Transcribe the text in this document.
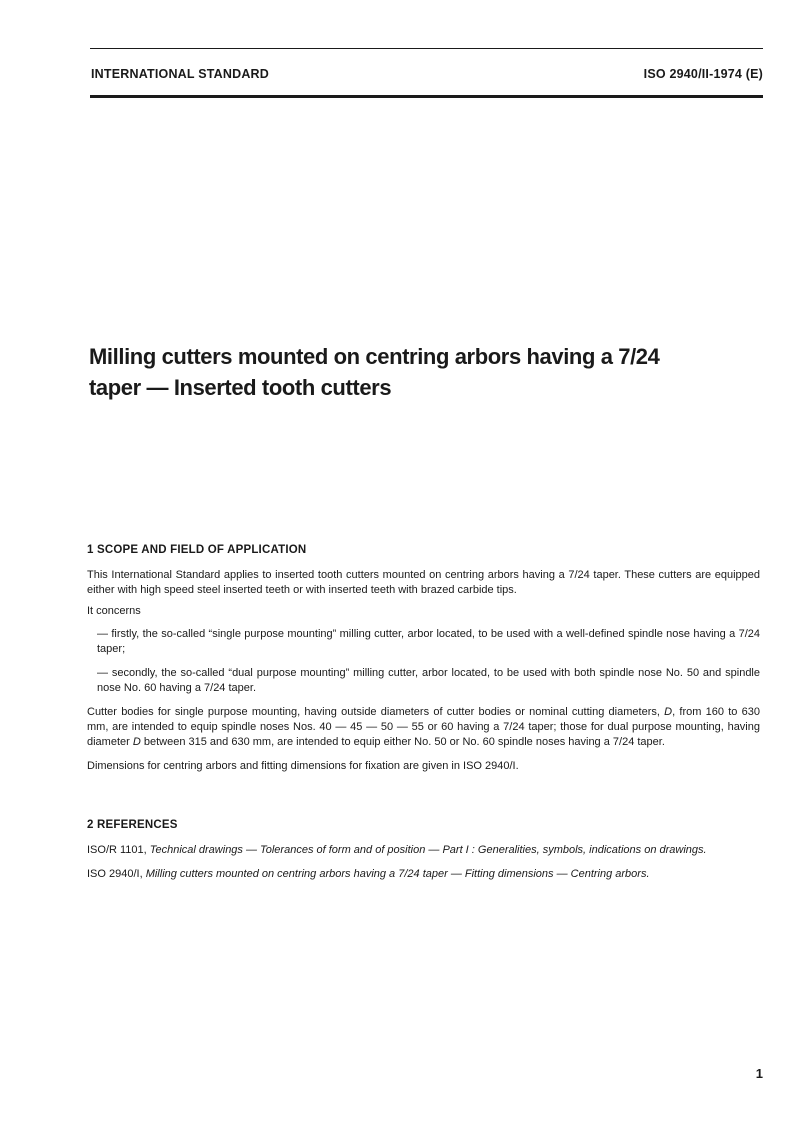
INTERNATIONAL STANDARD	ISO 2940/II-1974 (E)
Milling cutters mounted on centring arbors having a 7/24
taper — Inserted tooth cutters

1 SCOPE AND FIELD OF APPLICATION

This International Standard applies to inserted tooth cutters mounted on centring arbors having a 7/24 taper. These cutters are equipped either with high speed steel inserted teeth or with inserted teeth with brazed carbide tips.

It concerns

— firstly, the so-called “single purpose mounting” milling cutter, arbor located, to be used with a well-defined spindle nose having a 7/24 taper;

— secondly, the so-called “dual purpose mounting” milling cutter, arbor located, to be used with both spindle nose No. 50 and spindle nose No. 60 having a 7/24 taper.

Cutter bodies for single purpose mounting, having outside diameters of cutter bodies or nominal cutting diameters, D, from 160 to 630 mm, are intended to equip spindle noses Nos. 40 — 45 — 50 — 55 or 60 having a 7/24 taper; those for dual purpose mounting, having diameter D between 315 and 630 mm, are intended to equip either No. 50 or No. 60 spindle noses having a 7/24 taper.

Dimensions for centring arbors and fitting dimensions for fixation are given in ISO 2940/I.

2 REFERENCES

ISO/R 1101, Technical drawings — Tolerances of form and of position — Part I : Generalities, symbols, indications on drawings.

ISO 2940/I, Milling cutters mounted on centring arbors having a 7/24 taper — Fitting dimensions — Centring arbors.

1
